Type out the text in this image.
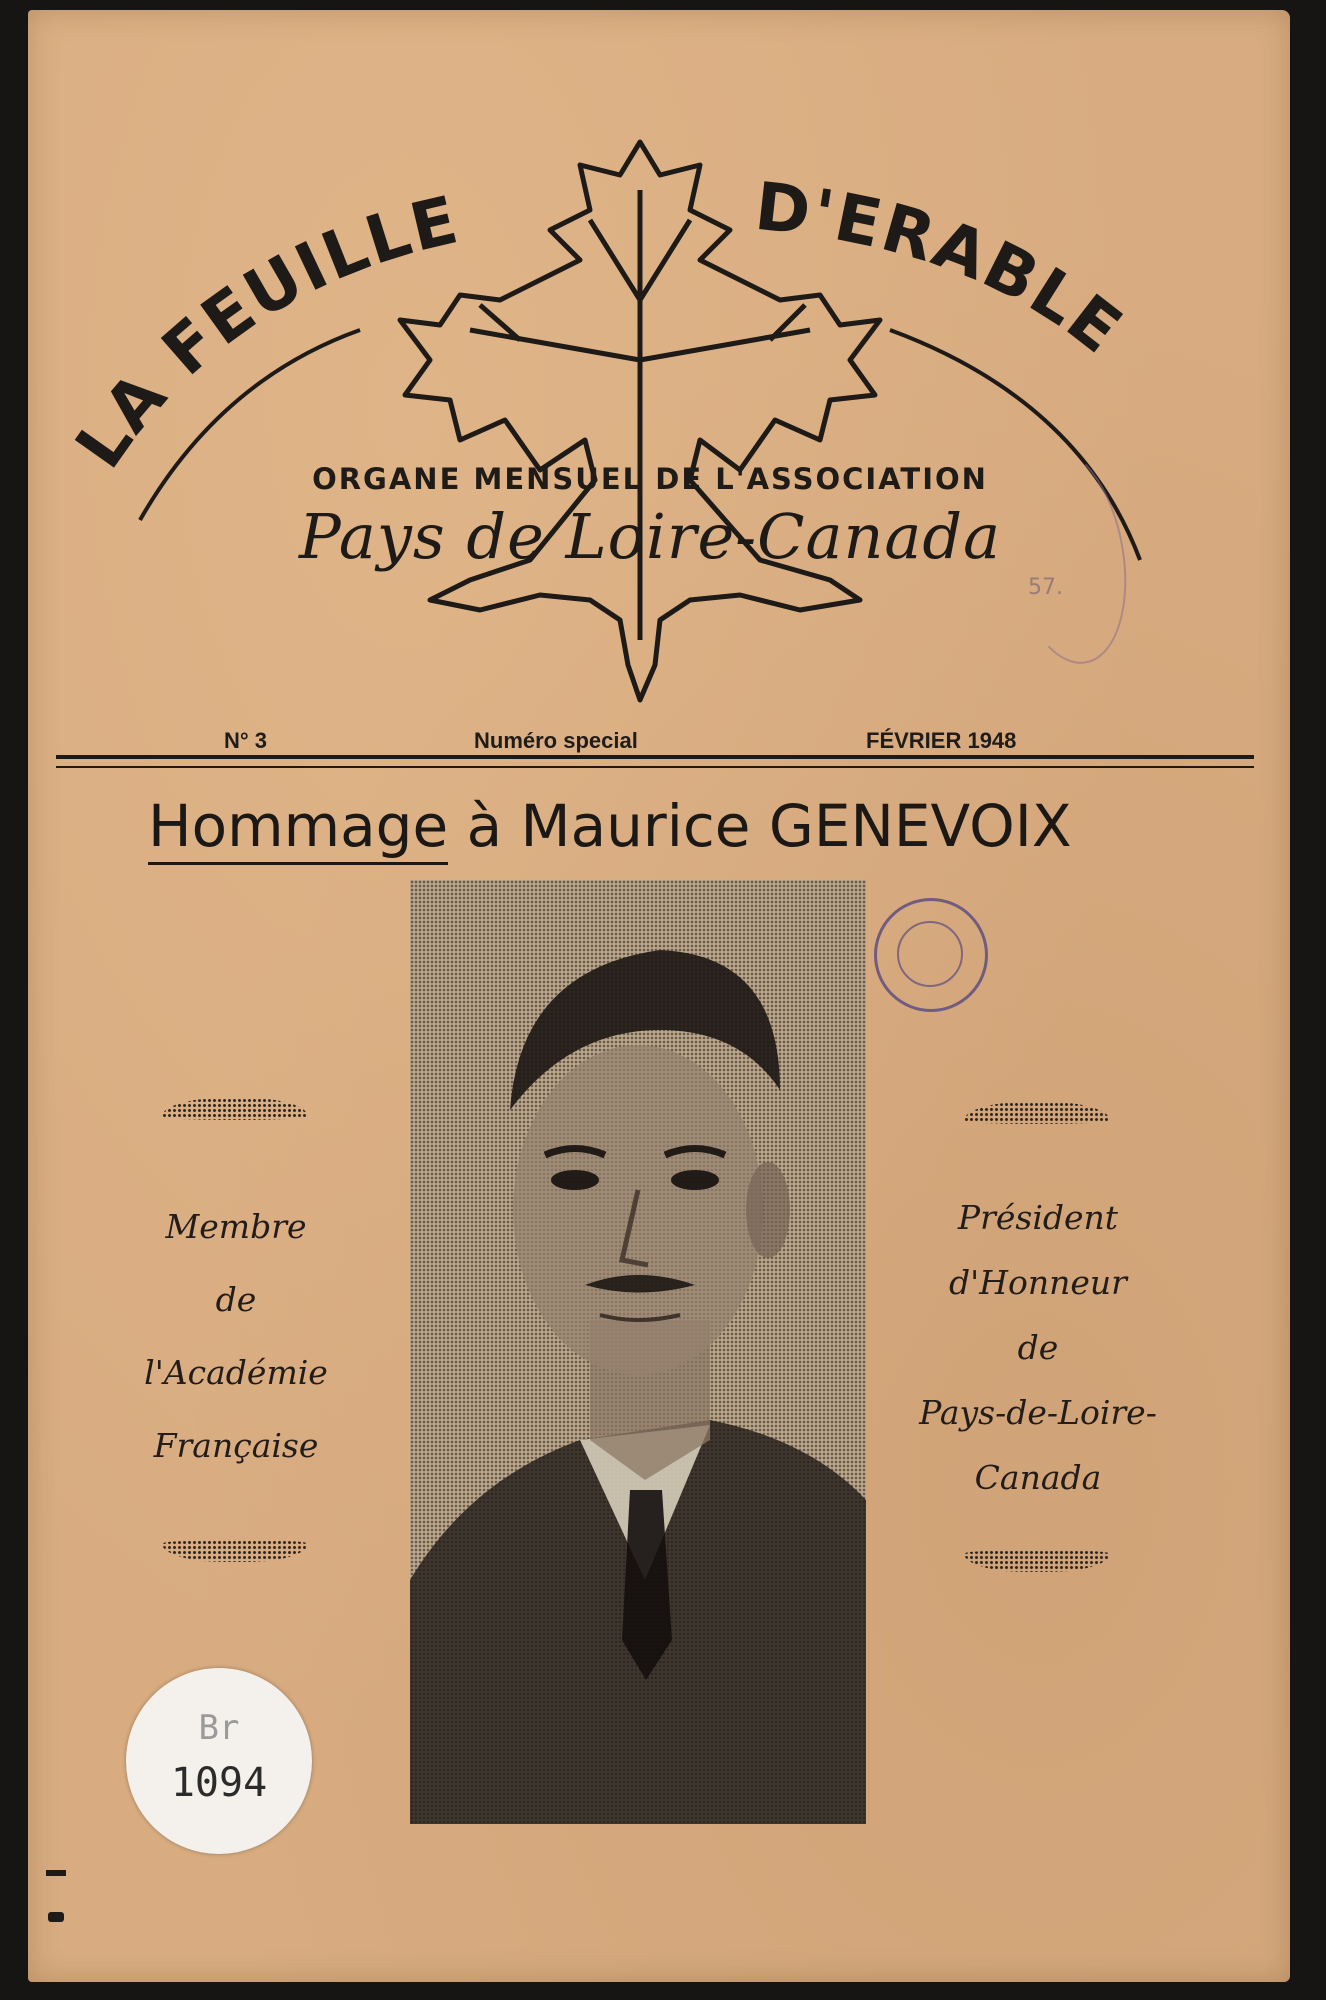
LA FEUILLE	D'ERABLE
ORGANE MENSUEL DE L'ASSOCIATION
Pays de Loire-Canada
57.
N° 3	Numéro special	FÉVRIER 1948
Hommage à Maurice GENEVOIX
Membre
de
l'Académie
Française
Président
d'Honneur
de
Pays-de-Loire-
Canada
Br
1094
